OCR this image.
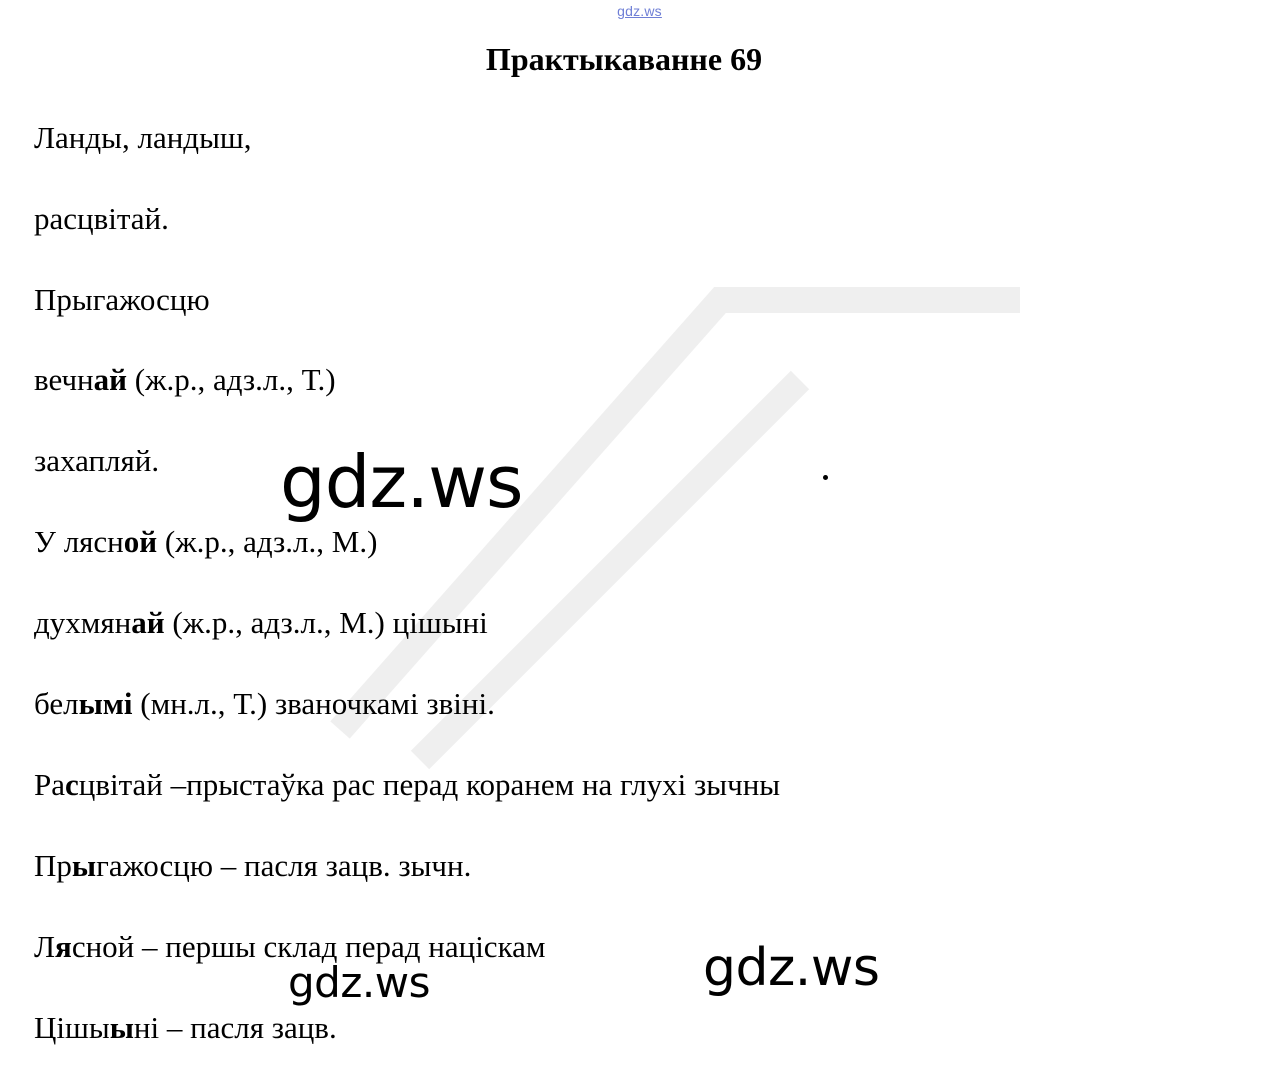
gdz.ws
Практыкаванне 69
Ланды, ландыш,
расцвітай.
Прыгажосцю
вечнай (ж.р., адз.л., Т.)
захапляй.
У лясной (ж.р., адз.л., М.)
духмянай (ж.р., адз.л., М.) цішыні
белымі (мн.л., Т.) званочкамі звіні.
Расцвітай –прыстаўка рас перад коранем на глухі зычны
Прыгажосцю – пасля зацв. зычн.
Лясной – першы склад перад націскам
Цішыыні – пасля зацв.
gdz.ws
gdz.ws
gdz.ws
